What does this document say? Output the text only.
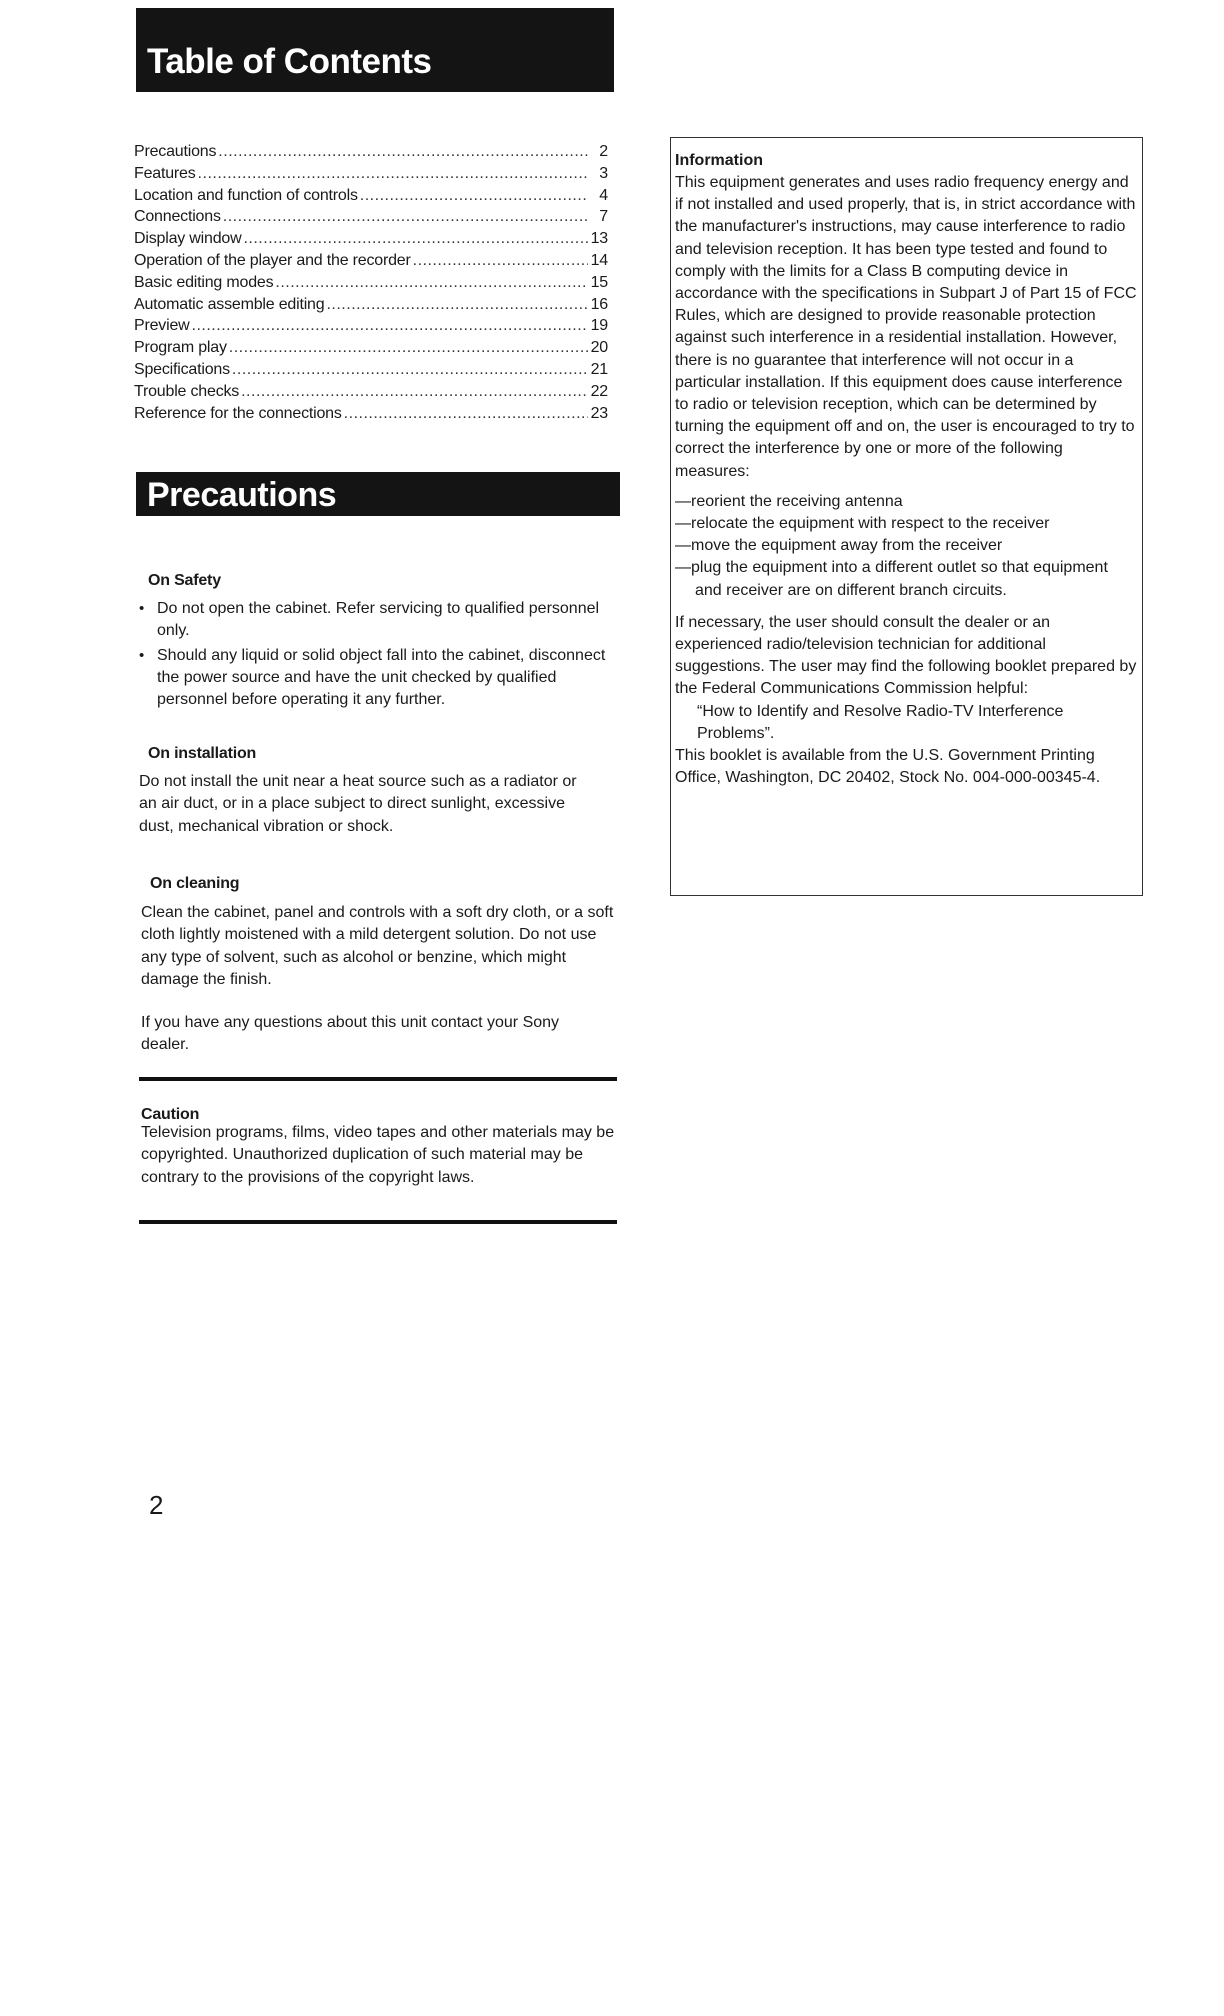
Table of Contents
Precautions .....	2
Features .....	3
Location and function of controls .....	4
Connections .....	7
Display window .....	13
Operation of the player and the recorder .....	14
Basic editing modes .....	15
Automatic assemble editing .....	16
Preview .....	19
Program play .....	20
Specifications .....	21
Trouble checks .....	22
Reference for the connections .....	23
Precautions
On Safety
• Do not open the cabinet. Refer servicing to qualified personnel only.
• Should any liquid or solid object fall into the cabinet, disconnect the power source and have the unit checked by qualified personnel before operating it any further.
On installation
Do not install the unit near a heat source such as a radiator or an air duct, or in a place subject to direct sunlight, excessive dust, mechanical vibration or shock.
On cleaning
Clean the cabinet, panel and controls with a soft dry cloth, or a soft cloth lightly moistened with a mild detergent solution. Do not use any type of solvent, such as alcohol or benzine, which might damage the finish.
If you have any questions about this unit contact your Sony dealer.
Caution
Television programs, films, video tapes and other materials may be copyrighted. Unauthorized duplication of such material may be contrary to the provisions of the copyright laws.
2
Information

This equipment generates and uses radio frequency energy and if not installed and used properly, that is, in strict accordance with the manufacturer's instructions, may cause interference to radio and television reception. It has been type tested and found to comply with the limits for a Class B computing device in accordance with the specifications in Subpart J of Part 15 of FCC Rules, which are designed to provide reasonable protection against such interference in a residential installation. However, there is no guarantee that interference will not occur in a particular installation. If this equipment does cause interference to radio or television reception, which can be determined by turning the equipment off and on, the user is encouraged to try to correct the interference by one or more of the following measures:

— reorient the receiving antenna
— relocate the equipment with respect to the receiver
— move the equipment away from the receiver
— plug the equipment into a different outlet so that equipment and receiver are on different branch circuits.

If necessary, the user should consult the dealer or an experienced radio/television technician for additional suggestions. The user may find the following booklet prepared by the Federal Communications Commission helpful:

“How to Identify and Resolve Radio-TV Interference Problems”.

This booklet is available from the U.S. Government Printing Office, Washington, DC 20402, Stock No. 004-000-00345-4.
